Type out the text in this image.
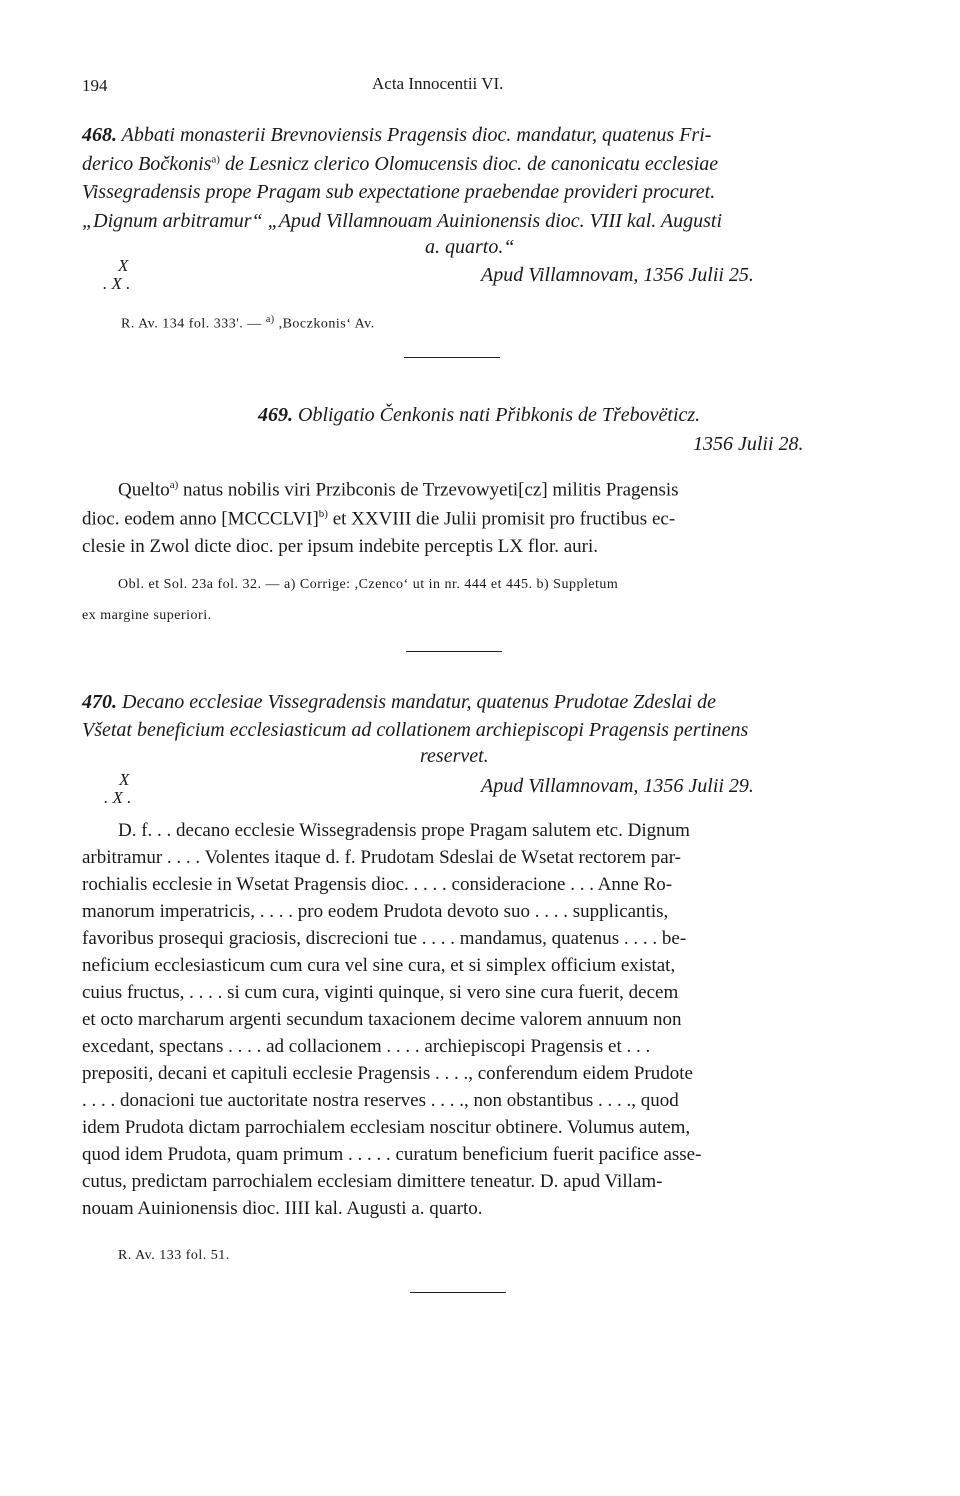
194	Acta Innocentii VI.
468. Abbati monasterii Brevnoviensis Pragensis dioc. mandatur, quatenus Fri-
derico Bočkonis$^{a)}$ de Lesnicz clerico Olomucensis dioc. de canonicatu ecclesiae
Vissegradensis prope Pragam sub expectatione praebendae provideri procuret.
„Dignum arbitramur“ „Apud Villamnouam Auinionensis dioc. VIII kal. Augusti
a. quarto.“
X
. X .	Apud Villamnovam, 1356 Julii 25.
R. Av. 134 fol. 333'. — $^{a)}$ ,Boczkonis‘ Av.
469. Obligatio Čenkonis nati Přibkonis de Třebovëticz.
1356 Julii 28.
Quelto$^{a)}$ natus nobilis viri Przibconis de Trzevowyeti[cz] militis Pragensis
dioc. eodem anno [MCCCLVI]$^{b)}$ et XXVIII die Julii promisit pro fructibus ec-
clesie in Zwol dicte dioc. per ipsum indebite perceptis LX flor. auri.
Obl. et Sol. 23a fol. 32. — a) Corrige: ,Czenco‘ ut in nr. 444 et 445. b) Suppletum
ex margine superiori.
470. Decano ecclesiae Vissegradensis mandatur, quatenus Prudotae Zdeslai de
Všetat beneficium ecclesiasticum ad collationem archiepiscopi Pragensis pertinens
reservet.
X
. X .
Apud Villamnovam, 1356 Julii 29.
D. f. . . decano ecclesie Wissegradensis prope Pragam salutem etc. Dignum
arbitramur . . . . Volentes itaque d. f. Prudotam Sdeslai de Wsetat rectorem par-
rochialis ecclesie in Wsetat Pragensis dioc. . . . . consideracione . . . Anne Ro-
manorum imperatricis, . . . . pro eodem Prudota devoto suo . . . . supplicantis,
favoribus prosequi graciosis, discrecioni tue . . . . mandamus, quatenus . . . . be-
neficium ecclesiasticum cum cura vel sine cura, et si simplex officium existat,
cuius fructus, . . . . si cum cura, viginti quinque, si vero sine cura fuerit, decem
et octo marcharum argenti secundum taxacionem decime valorem annuum non
excedant, spectans . . . . ad collacionem . . . . archiepiscopi Pragensis et . . .
prepositi, decani et capituli ecclesie Pragensis . . . ., conferendum eidem Prudote
. . . . donacioni tue auctoritate nostra reserves . . . ., non obstantibus . . . ., quod
idem Prudota dictam parrochialem ecclesiam noscitur obtinere. Volumus autem,
quod idem Prudota, quam primum . . . . . curatum beneficium fuerit pacifice asse-
cutus, predictam parrochialem ecclesiam dimittere teneatur. D. apud Villam-
nouam Auinionensis dioc. IIII kal. Augusti a. quarto.
R. Av. 133 fol. 51.
